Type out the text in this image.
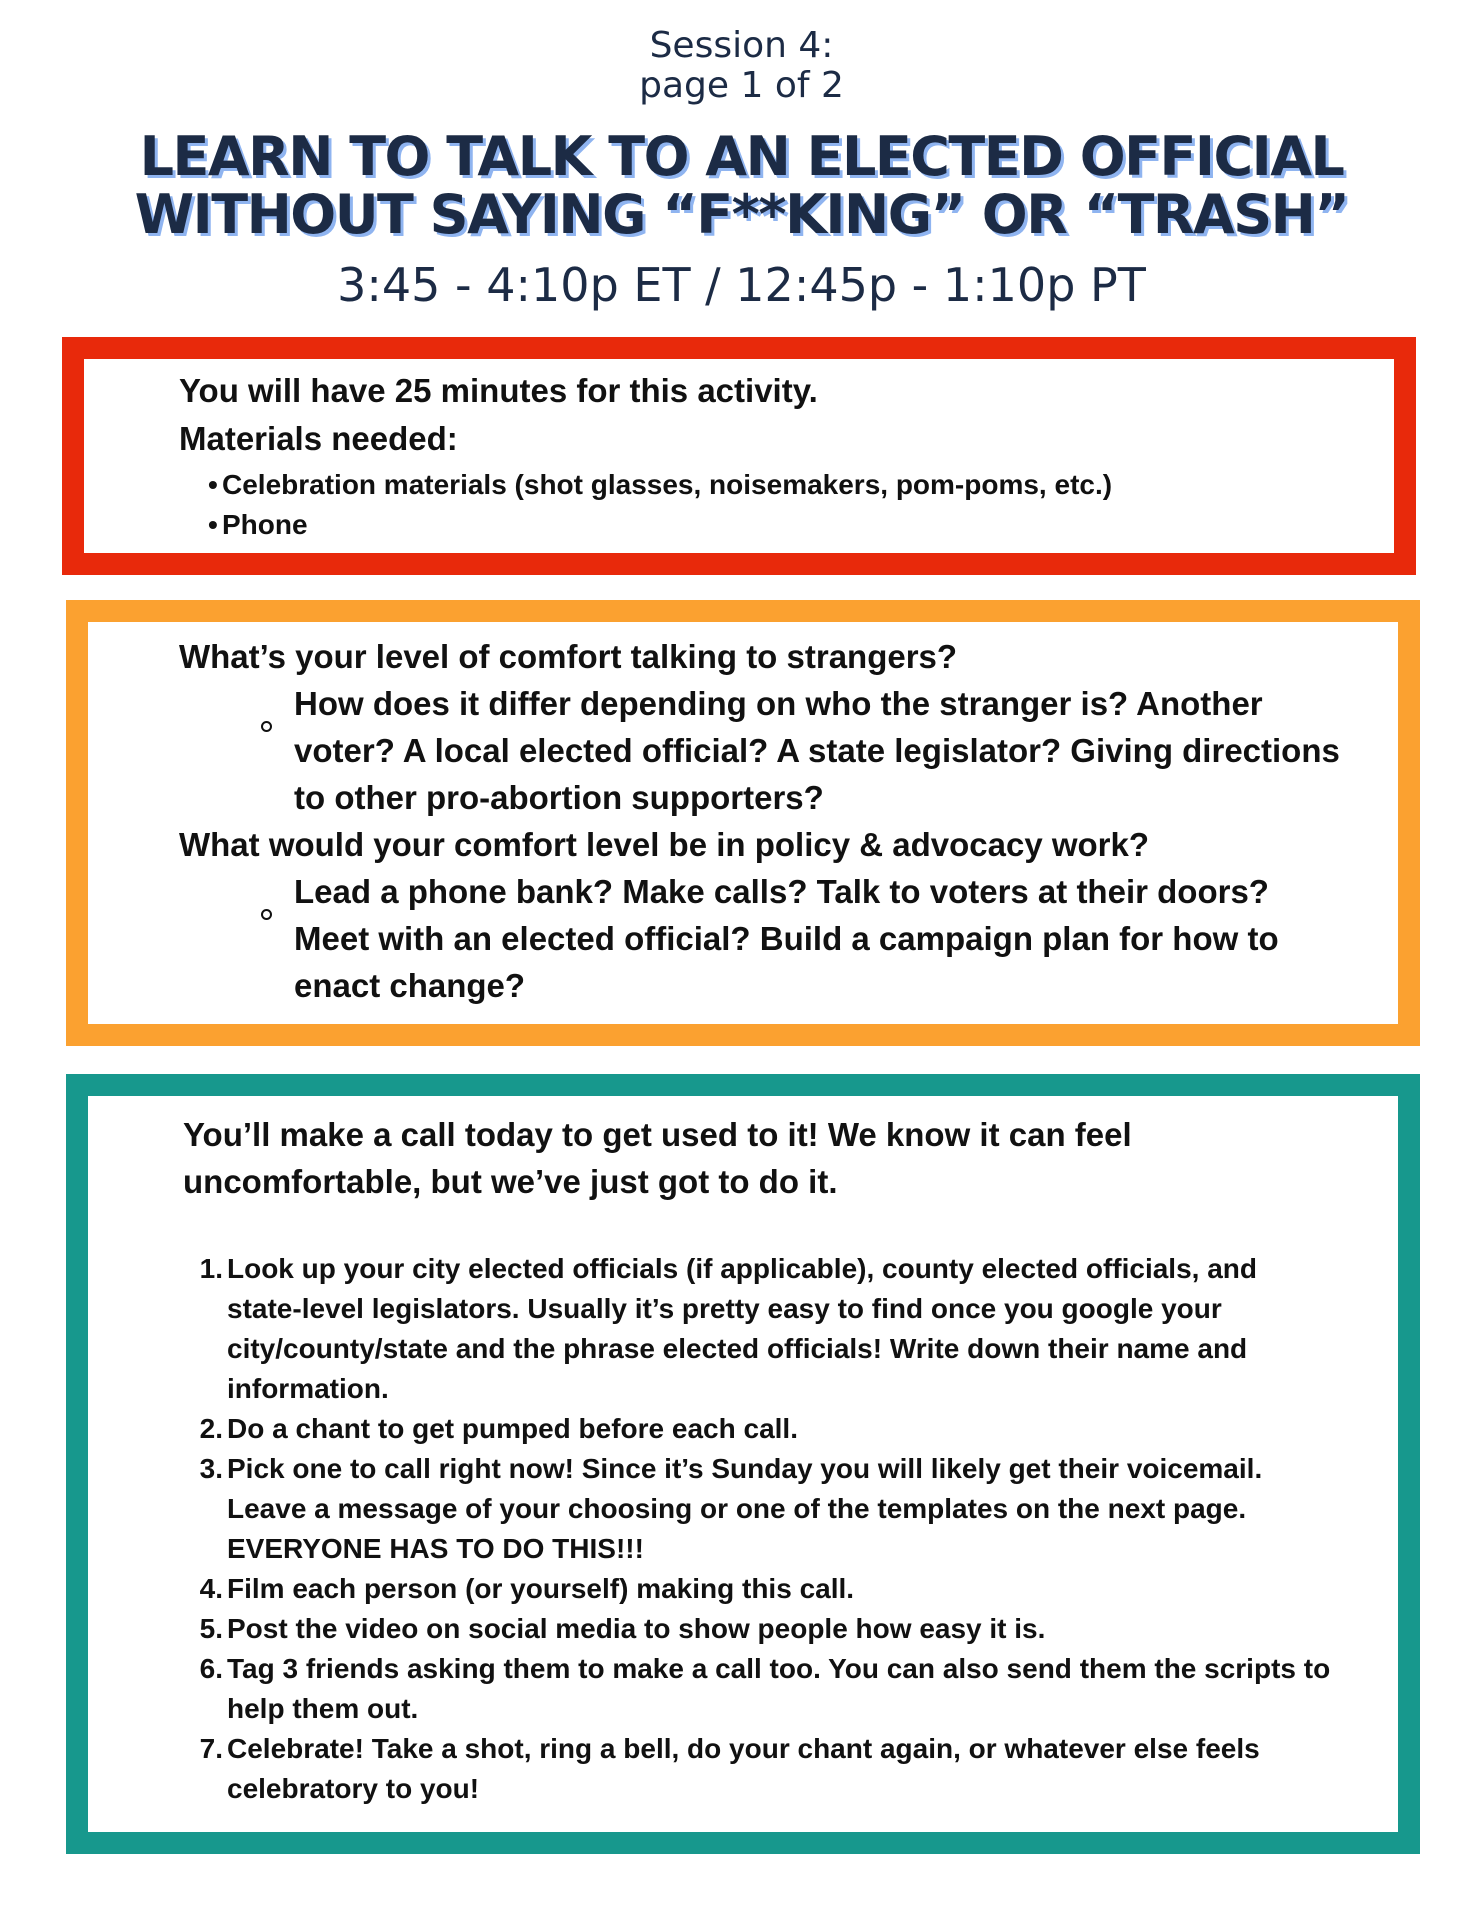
Session 4:
page 1 of 2
LEARN TO TALK TO AN ELECTED OFFICIAL
WITHOUT SAYING “F**KING” OR “TRASH”
3:45 - 4:10p ET / 12:45p - 1:10p PT
You will have 25 minutes for this activity.
Materials needed:
• Celebration materials (shot glasses, noisemakers, pom-poms, etc.)
• Phone
What’s your level of comfort talking to strangers?
How does it differ depending on who the stranger is? Another
voter? A local elected official? A state legislator? Giving directions
to other pro-abortion supporters?
What would your comfort level be in policy & advocacy work?
Lead a phone bank? Make calls? Talk to voters at their doors?
Meet with an elected official? Build a campaign plan for how to
enact change?
You’ll make a call today to get used to it! We know it can feel
uncomfortable, but we’ve just got to do it.
1. Look up your city elected officials (if applicable), county elected officials, and
state-level legislators. Usually it’s pretty easy to find once you google your
city/county/state and the phrase elected officials! Write down their name and
information.
2. Do a chant to get pumped before each call.
3. Pick one to call right now! Since it’s Sunday you will likely get their voicemail.
Leave a message of your choosing or one of the templates on the next page.
EVERYONE HAS TO DO THIS!!!
4. Film each person (or yourself) making this call.
5. Post the video on social media to show people how easy it is.
6. Tag 3 friends asking them to make a call too. You can also send them the scripts to
help them out.
7. Celebrate! Take a shot, ring a bell, do your chant again, or whatever else feels
celebratory to you!
